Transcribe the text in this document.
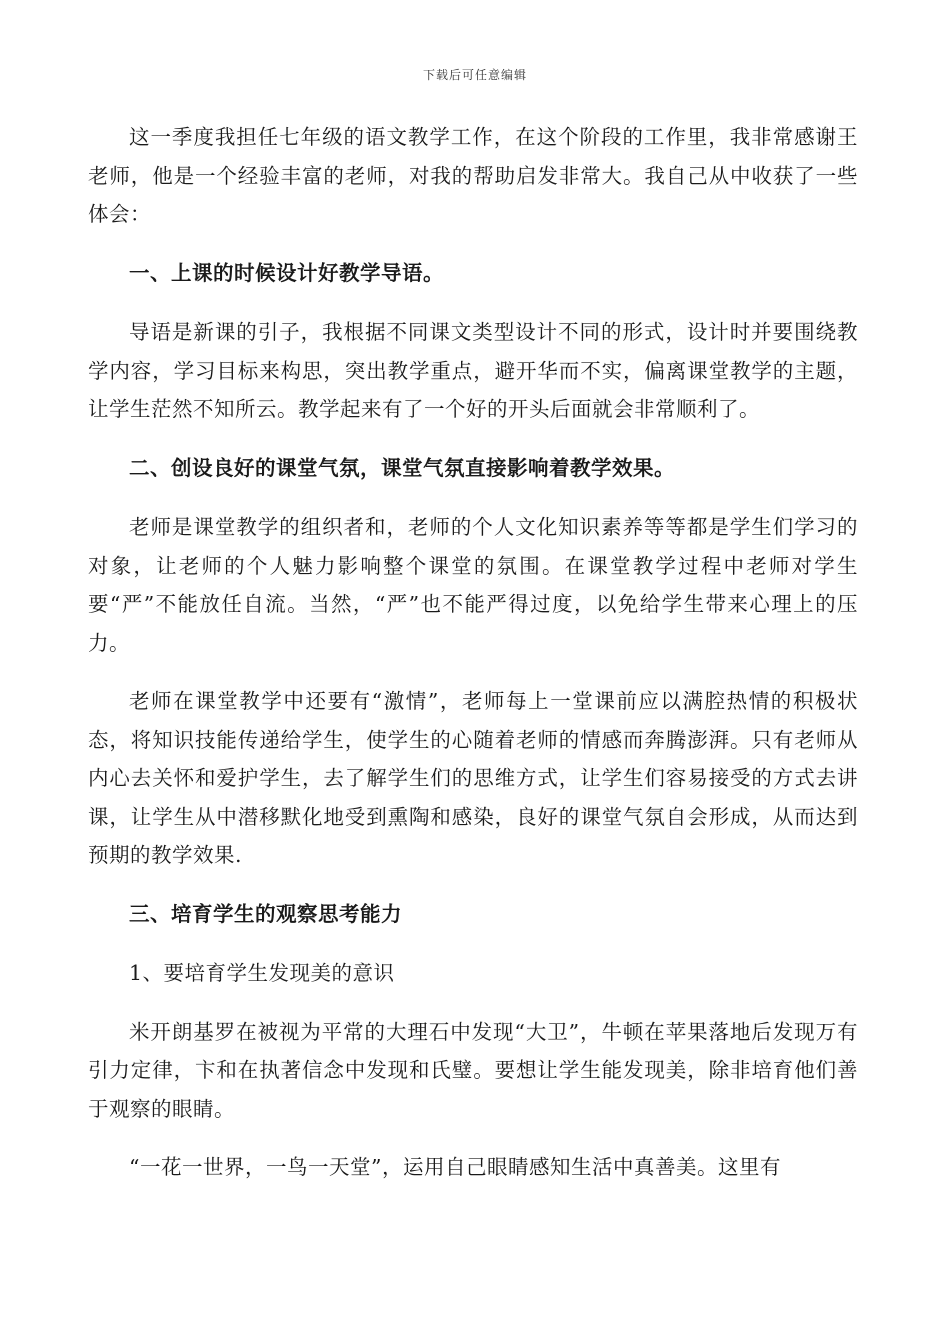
下载后可任意编辑

这一季度我担任七年级的语文教学工作，在这个阶段的工作里，我非常感谢王老师，他是一个经验丰富的老师，对我的帮助启发非常大。我自己从中收获了一些体会：

一、上课的时候设计好教学导语。

导语是新课的引子，我根据不同课文类型设计不同的形式，设计时并要围绕教学内容，学习目标来构思，突出教学重点，避开华而不实，偏离课堂教学的主题，让学生茫然不知所云。教学起来有了一个好的开头后面就会非常顺利了。

二、创设良好的课堂气氛，课堂气氛直接影响着教学效果。

老师是课堂教学的组织者和，老师的个人文化知识素养等等都是学生们学习的对象，让老师的个人魅力影响整个课堂的氛围。在课堂教学过程中老师对学生要“严”不能放任自流。当然，“严”也不能严得过度，以免给学生带来心理上的压力。

老师在课堂教学中还要有“激情”，老师每上一堂课前应以满腔热情的积极状态，将知识技能传递给学生，使学生的心随着老师的情感而奔腾澎湃。只有老师从内心去关怀和爱护学生，去了解学生们的思维方式，让学生们容易接受的方式去讲课，让学生从中潜移默化地受到熏陶和感染，良好的课堂气氛自会形成，从而达到预期的教学效果.

三、培育学生的观察思考能力

1、要培育学生发现美的意识

米开朗基罗在被视为平常的大理石中发现“大卫”，牛顿在苹果落地后发现万有引力定律，卞和在执著信念中发现和氏璧。要想让学生能发现美，除非培育他们善于观察的眼睛。

“一花一世界，一鸟一天堂”，运用自己眼睛感知生活中真善美。这里有
